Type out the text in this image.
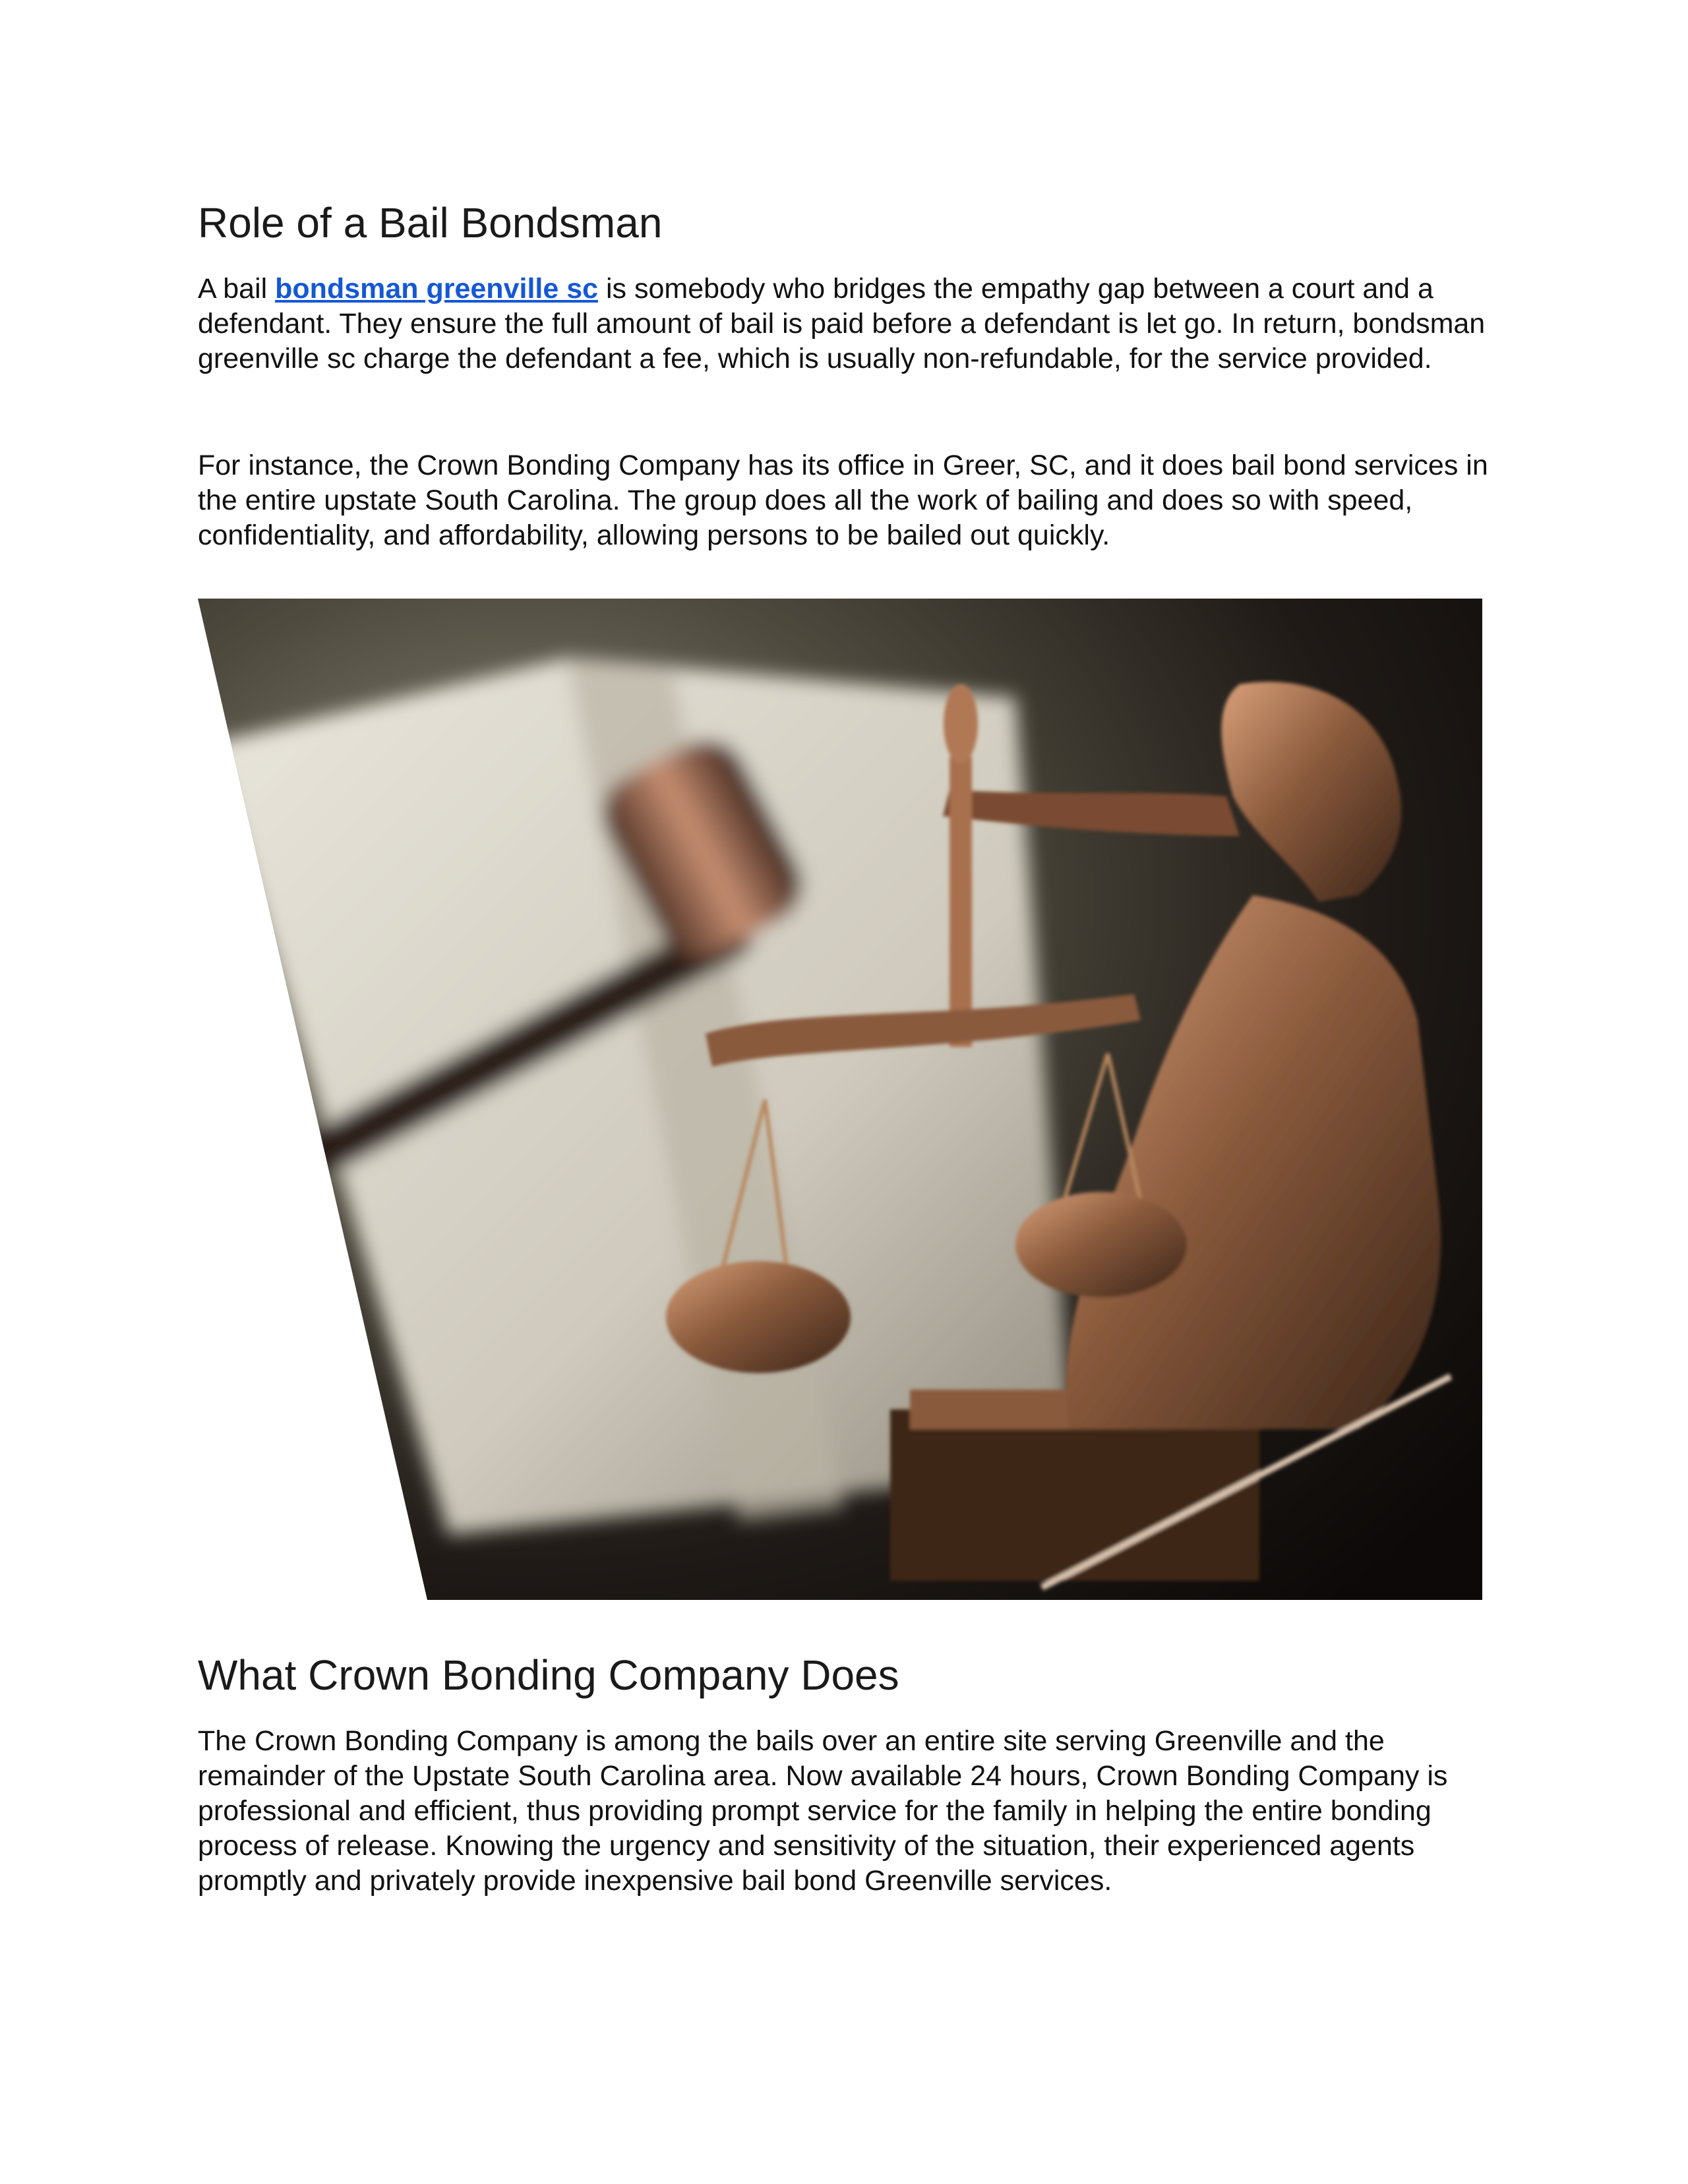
Role of a Bail Bondsman

A bail bondsman greenville sc is somebody who bridges the empathy gap between a court and a defendant. They ensure the full amount of bail is paid before a defendant is let go. In return, bondsman greenville sc charge the defendant a fee, which is usually non-refundable, for the service provided.

For instance, the Crown Bonding Company has its office in Greer, SC, and it does bail bond services in the entire upstate South Carolina. The group does all the work of bailing and does so with speed, confidentiality, and affordability, allowing persons to be bailed out quickly.

What Crown Bonding Company Does

The Crown Bonding Company is among the bails over an entire site serving Greenville and the remainder of the Upstate South Carolina area. Now available 24 hours, Crown Bonding Company is professional and efficient, thus providing prompt service for the family in helping the entire bonding process of release. Knowing the urgency and sensitivity of the situation, their experienced agents promptly and privately provide inexpensive bail bond Greenville services.
